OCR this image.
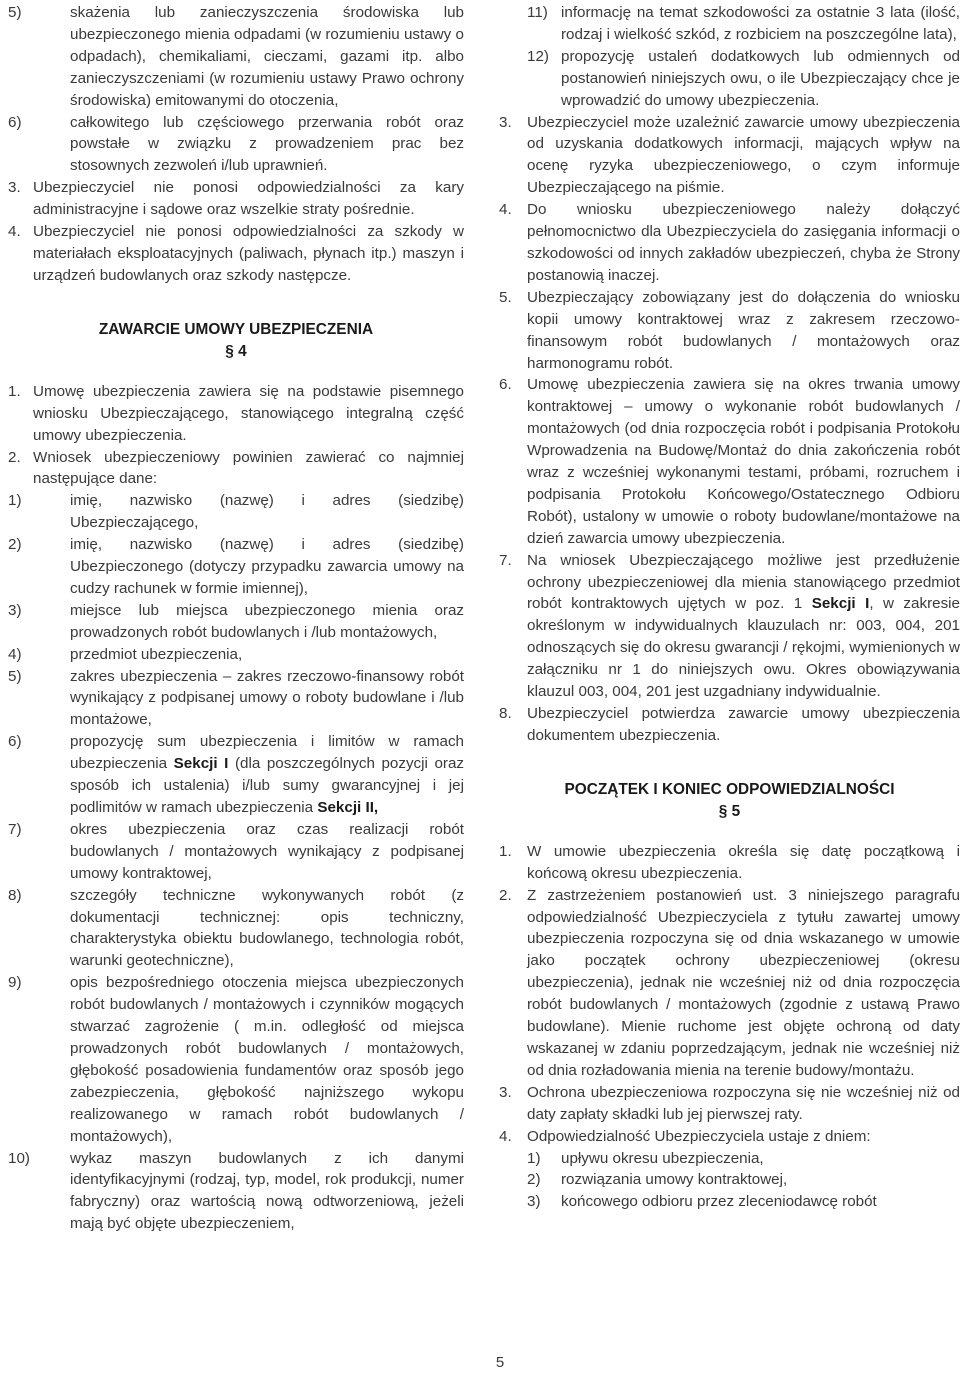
5)	skażenia lub zanieczyszczenia środowiska lub ubezpieczonego mienia odpadami (w rozumieniu ustawy o odpadach), chemikaliami, cieczami, gazami itp. albo zanieczyszczeniami (w rozumieniu ustawy Prawo ochrony środowiska) emitowanymi do otoczenia,
6)	całkowitego lub częściowego przerwania robót oraz powstałe w związku z prowadzeniem prac bez stosownych zezwoleń i/lub uprawnień.
3. Ubezpieczyciel nie ponosi odpowiedzialności za kary administracyjne i sądowe oraz wszelkie straty pośrednie.
4. Ubezpieczyciel nie ponosi odpowiedzialności za szkody w materiałach eksploatacyjnych (paliwach, płynach itp.) maszyn i urządzeń budowlanych oraz szkody następcze.
ZAWARCIE UMOWY UBEZPIECZENIA
§ 4
1. Umowę ubezpieczenia zawiera się na podstawie pisemnego wniosku Ubezpieczającego, stanowiącego integralną część umowy ubezpieczenia.
2. Wniosek ubezpieczeniowy powinien zawierać co najmniej następujące dane:
1)	imię, nazwisko (nazwę) i adres (siedzibę) Ubezpieczającego,
2)	imię, nazwisko (nazwę) i adres (siedzibę) Ubezpieczonego (dotyczy przypadku zawarcia umowy na cudzy rachunek w formie imiennej),
3)	miejsce lub miejsca ubezpieczonego mienia oraz prowadzonych robót budowlanych i /lub montażowych,
4)	przedmiot ubezpieczenia,
5)	zakres ubezpieczenia – zakres rzeczowo-finansowy robót wynikający z podpisanej umowy o roboty budowlane i /lub montażowe,
6)	propozycję sum ubezpieczenia i limitów w ramach ubezpieczenia Sekcji I (dla poszczególnych pozycji oraz sposób ich ustalenia) i/lub sumy gwarancyjnej i jej podlimitów w ramach ubezpieczenia Sekcji II,
7)	okres ubezpieczenia oraz czas realizacji robót budowlanych / montażowych wynikający z podpisanej umowy kontraktowej,
8)	szczegóły techniczne wykonywanych robót (z dokumentacji technicznej: opis techniczny, charakterystyka obiektu budowlanego, technologia robót, warunki geotechniczne),
9)	opis bezpośredniego otoczenia miejsca ubezpieczonych robót budowlanych / montażowych i czynników mogących stwarzać zagrożenie ( m.in. odległość od miejsca prowadzonych robót budowlanych / montażowych, głębokość posadowienia fundamentów oraz sposób jego zabezpieczenia, głębokość najniższego wykopu realizowanego w ramach robót budowlanych / montażowych),
10)	wykaz maszyn budowlanych z ich danymi identyfikacyjnymi (rodzaj, typ, model, rok produkcji, numer fabryczny) oraz wartością nową odtworzeniową, jeżeli mają być objęte ubezpieczeniem,
11) informację na temat szkodowości za ostatnie 3 lata (ilość, rodzaj i wielkość szkód, z rozbiciem na poszczególne lata),
12) propozycję ustaleń dodatkowych lub odmiennych od postanowień niniejszych owu, o ile Ubezpieczający chce je wprowadzić do umowy ubezpieczenia.
3.	Ubezpieczyciel może uzależnić zawarcie umowy ubezpieczenia od uzyskania dodatkowych informacji, mających wpływ na ocenę ryzyka ubezpieczeniowego, o czym informuje Ubezpieczającego na piśmie.
4.	Do wniosku ubezpieczeniowego należy dołączyć pełnomocnictwo dla Ubezpieczyciela do zasięgania informacji o szkodowości od innych zakładów ubezpieczeń, chyba że Strony postanowią inaczej.
5.	Ubezpieczający zobowiązany jest do dołączenia do wniosku kopii umowy kontraktowej wraz z zakresem rzeczowo-finansowym robót budowlanych / montażowych oraz harmonogramu robót.
6.	Umowę ubezpieczenia zawiera się na okres trwania umowy kontraktowej – umowy o wykonanie robót budowlanych / montażowych (od dnia rozpoczęcia robót i podpisania Protokołu Wprowadzenia na Budowę/Montaż do dnia zakończenia robót wraz z wcześniej wykonanymi testami, próbami, rozruchem i podpisania Protokołu Końcowego/Ostatecznego Odbioru Robót), ustalony w umowie o roboty budowlane/montażowe na dzień zawarcia umowy ubezpieczenia.
7.	Na wniosek Ubezpieczającego możliwe jest przedłużenie ochrony ubezpieczeniowej dla mienia stanowiącego przedmiot robót kontraktowych ujętych w poz. 1 Sekcji I, w zakresie określonym w indywidualnych klauzulach nr: 003, 004, 201 odnoszących się do okresu gwarancji / rękojmi, wymienionych w załączniku nr 1 do niniejszych owu. Okres obowiązywania klauzul 003, 004, 201 jest uzgadniany indywidualnie.
8.	Ubezpieczyciel potwierdza zawarcie umowy ubezpieczenia dokumentem ubezpieczenia.
POCZĄTEK I KONIEC ODPOWIEDZIALNOŚCI
§ 5
1.	W umowie ubezpieczenia określa się datę początkową i końcową okresu ubezpieczenia.
2.	Z zastrzeżeniem postanowień ust. 3 niniejszego paragrafu odpowiedzialność Ubezpieczyciela z tytułu zawartej umowy ubezpieczenia rozpoczyna się od dnia wskazanego w umowie jako początek ochrony ubezpieczeniowej (okresu ubezpieczenia), jednak nie wcześniej niż od dnia rozpoczęcia robót budowlanych / montażowych (zgodnie z ustawą Prawo budowlane). Mienie ruchome jest objęte ochroną od daty wskazanej w zdaniu poprzedzającym, jednak nie wcześniej niż od dnia rozładowania mienia na terenie budowy/montażu.
3.	Ochrona ubezpieczeniowa rozpoczyna się nie wcześniej niż od daty zapłaty składki lub jej pierwszej raty.
4.	Odpowiedzialność Ubezpieczyciela ustaje z dniem:
1)	upływu okresu ubezpieczenia,
2)	rozwiązania umowy kontraktowej,
3)	końcowego odbioru przez zleceniodawcę robót
5
